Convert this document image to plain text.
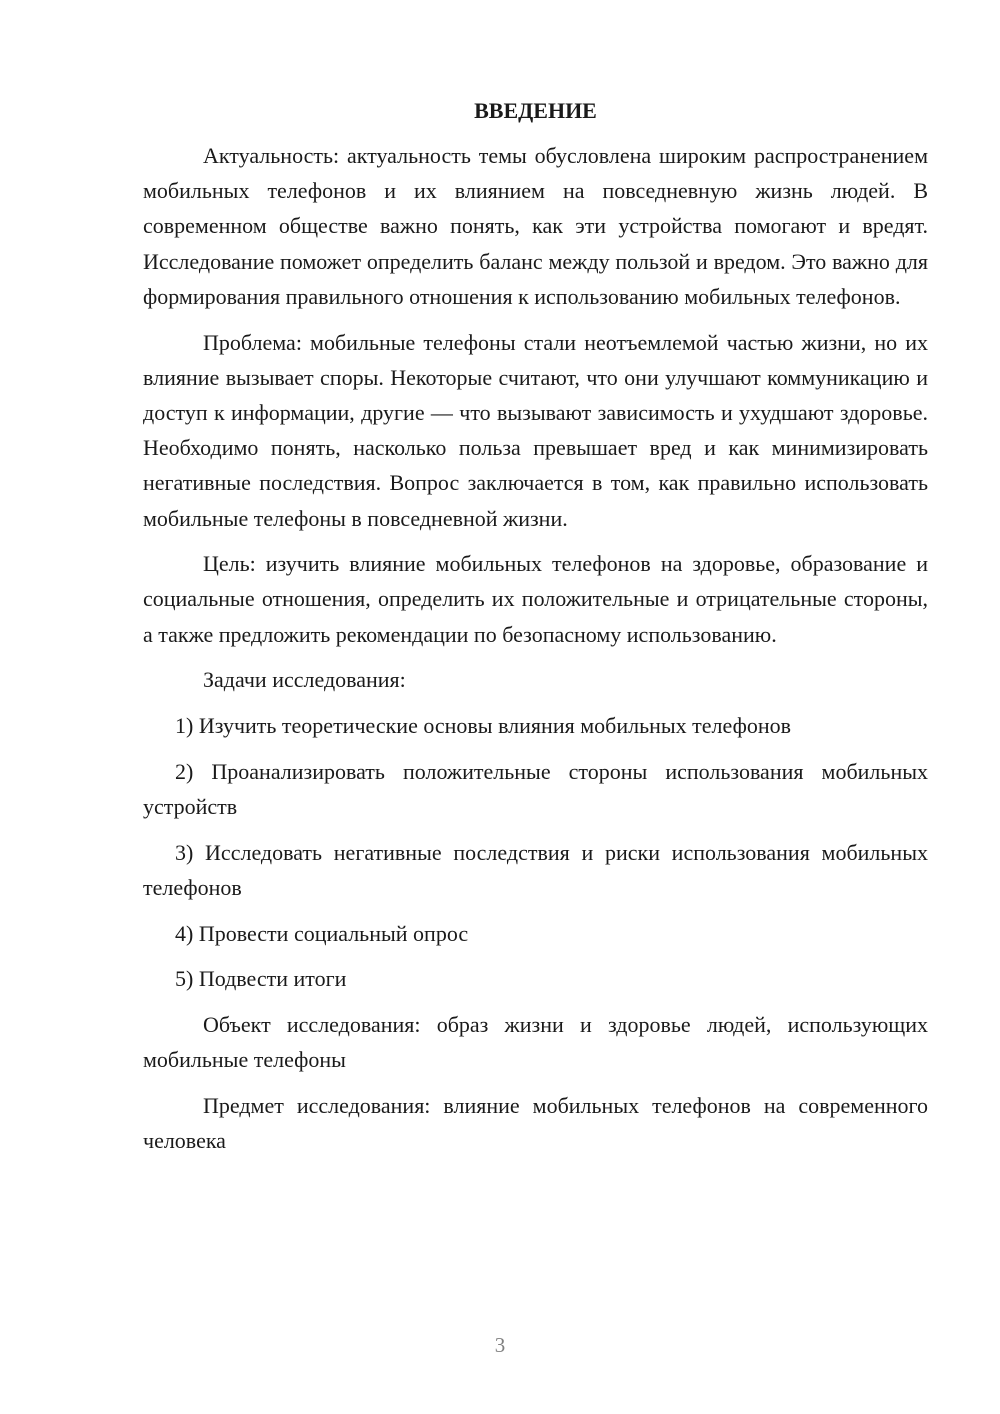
ВВЕДЕНИЕ

Актуальность: актуальность темы обусловлена широким распространением мобильных телефонов и их влиянием на повседневную жизнь людей. В современном обществе важно понять, как эти устройства помогают и вредят. Исследование поможет определить баланс между пользой и вредом. Это важно для формирования правильного отношения к использованию мобильных телефонов.

Проблема: мобильные телефоны стали неотъемлемой частью жизни, но их влияние вызывает споры. Некоторые считают, что они улучшают коммуникацию и доступ к информации, другие — что вызывают зависимость и ухудшают здоровье. Необходимо понять, насколько польза превышает вред и как минимизировать негативные последствия. Вопрос заключается в том, как правильно использовать мобильные телефоны в повседневной жизни.

Цель: изучить влияние мобильных телефонов на здоровье, образование и социальные отношения, определить их положительные и отрицательные стороны, а также предложить рекомендации по безопасному использованию.

Задачи исследования:

1) Изучить теоретические основы влияния мобильных телефонов

2) Проанализировать положительные стороны использования мобильных устройств

3) Исследовать негативные последствия и риски использования мобильных телефонов

4) Провести социальный опрос

5) Подвести итоги

Объект исследования: образ жизни и здоровье людей, использующих мобильные телефоны

Предмет исследования: влияние мобильных телефонов на современного человека

3
